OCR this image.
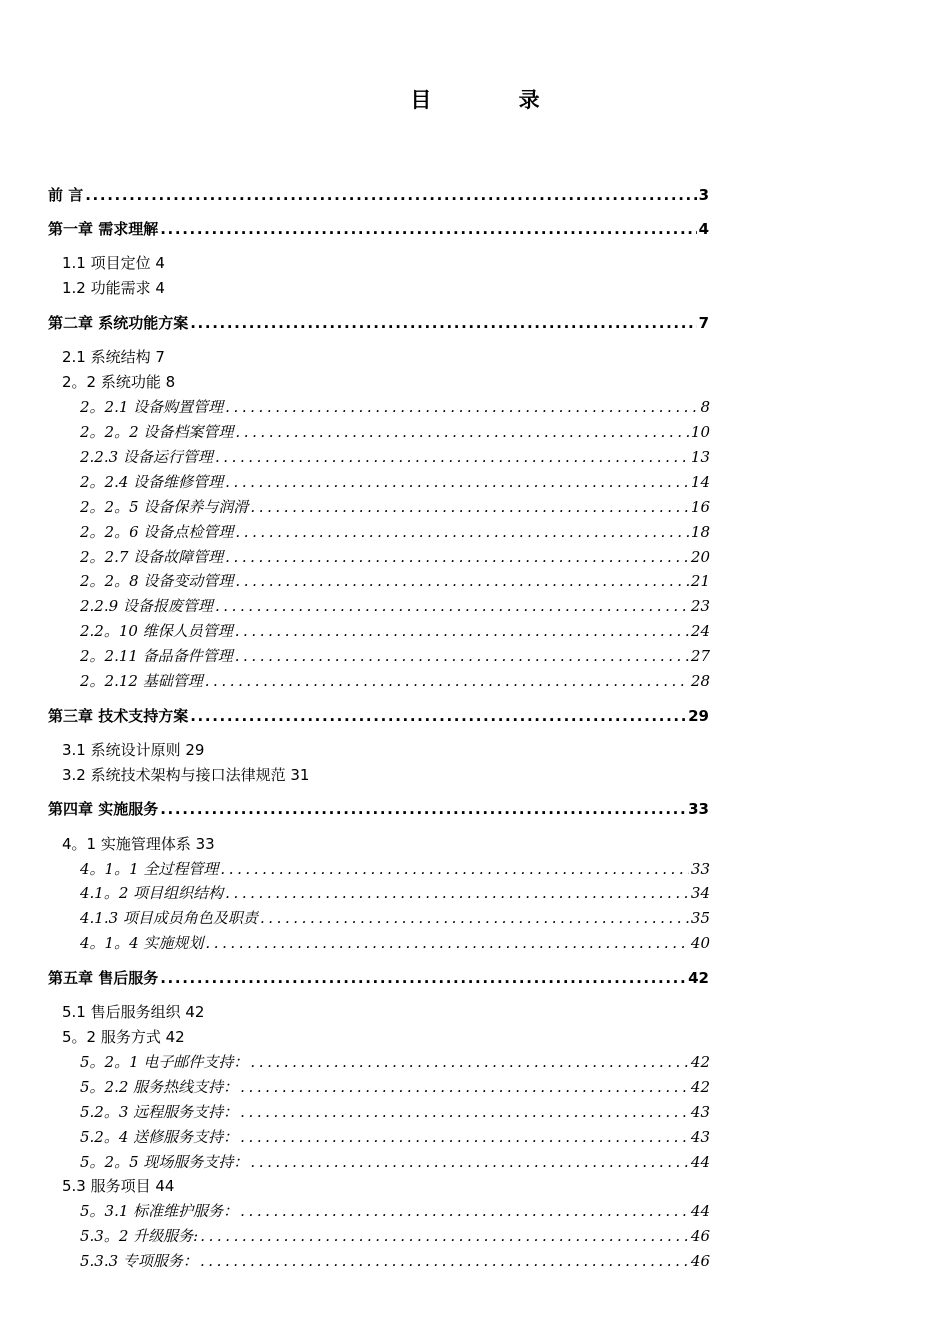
目 录
前 言 . . .	3
第一章 需求理解 . . .	4
1.1 项目定位 4
1.2 功能需求 4
第二章 系统功能方案 . . .	7
2.1 系统结构 7
2。2 系统功能 8
2。2.1 设备购置管理 . . .	8
2。2。2 设备档案管理 . . .	10
2.2.3 设备运行管理 . . .	13
2。2.4 设备维修管理 . . .	14
2。2。5 设备保养与润滑 . . .	16
2。2。6 设备点检管理 . . .	18
2。2.7 设备故障管理 . . .	20
2。2。8 设备变动管理 . . .	21
2.2.9 设备报废管理 . . .	23
2.2。10 维保人员管理 . . .	24
2。2.11 备品备件管理 . . .	27
2。2.12 基础管理 . . .	28
第三章 技术支持方案 . . .	29
3.1 系统设计原则 29
3.2 系统技术架构与接口法律规范 31
第四章 实施服务 . . .	33
4。1 实施管理体系 33
4。1。1 全过程管理 . . .	33
4.1。2 项目组织结构 . . .	34
4.1.3 项目成员角色及职责 . . .	35
4。1。4 实施规划 . . .	40
第五章 售后服务 . . .	42
5.1 售后服务组织 42
5。2 服务方式 42
5。2。1 电子邮件支持： . . .	42
5。2.2 服务热线支持： . . .	42
5.2。3 远程服务支持： . . .	43
5.2。4 送修服务支持： . . .	43
5。2。5 现场服务支持： . . .	44
5.3 服务项目 44
5。3.1 标准维护服务： . . .	44
5.3。2 升级服务: . . .	46
5.3.3 专项服务： . . .	46
